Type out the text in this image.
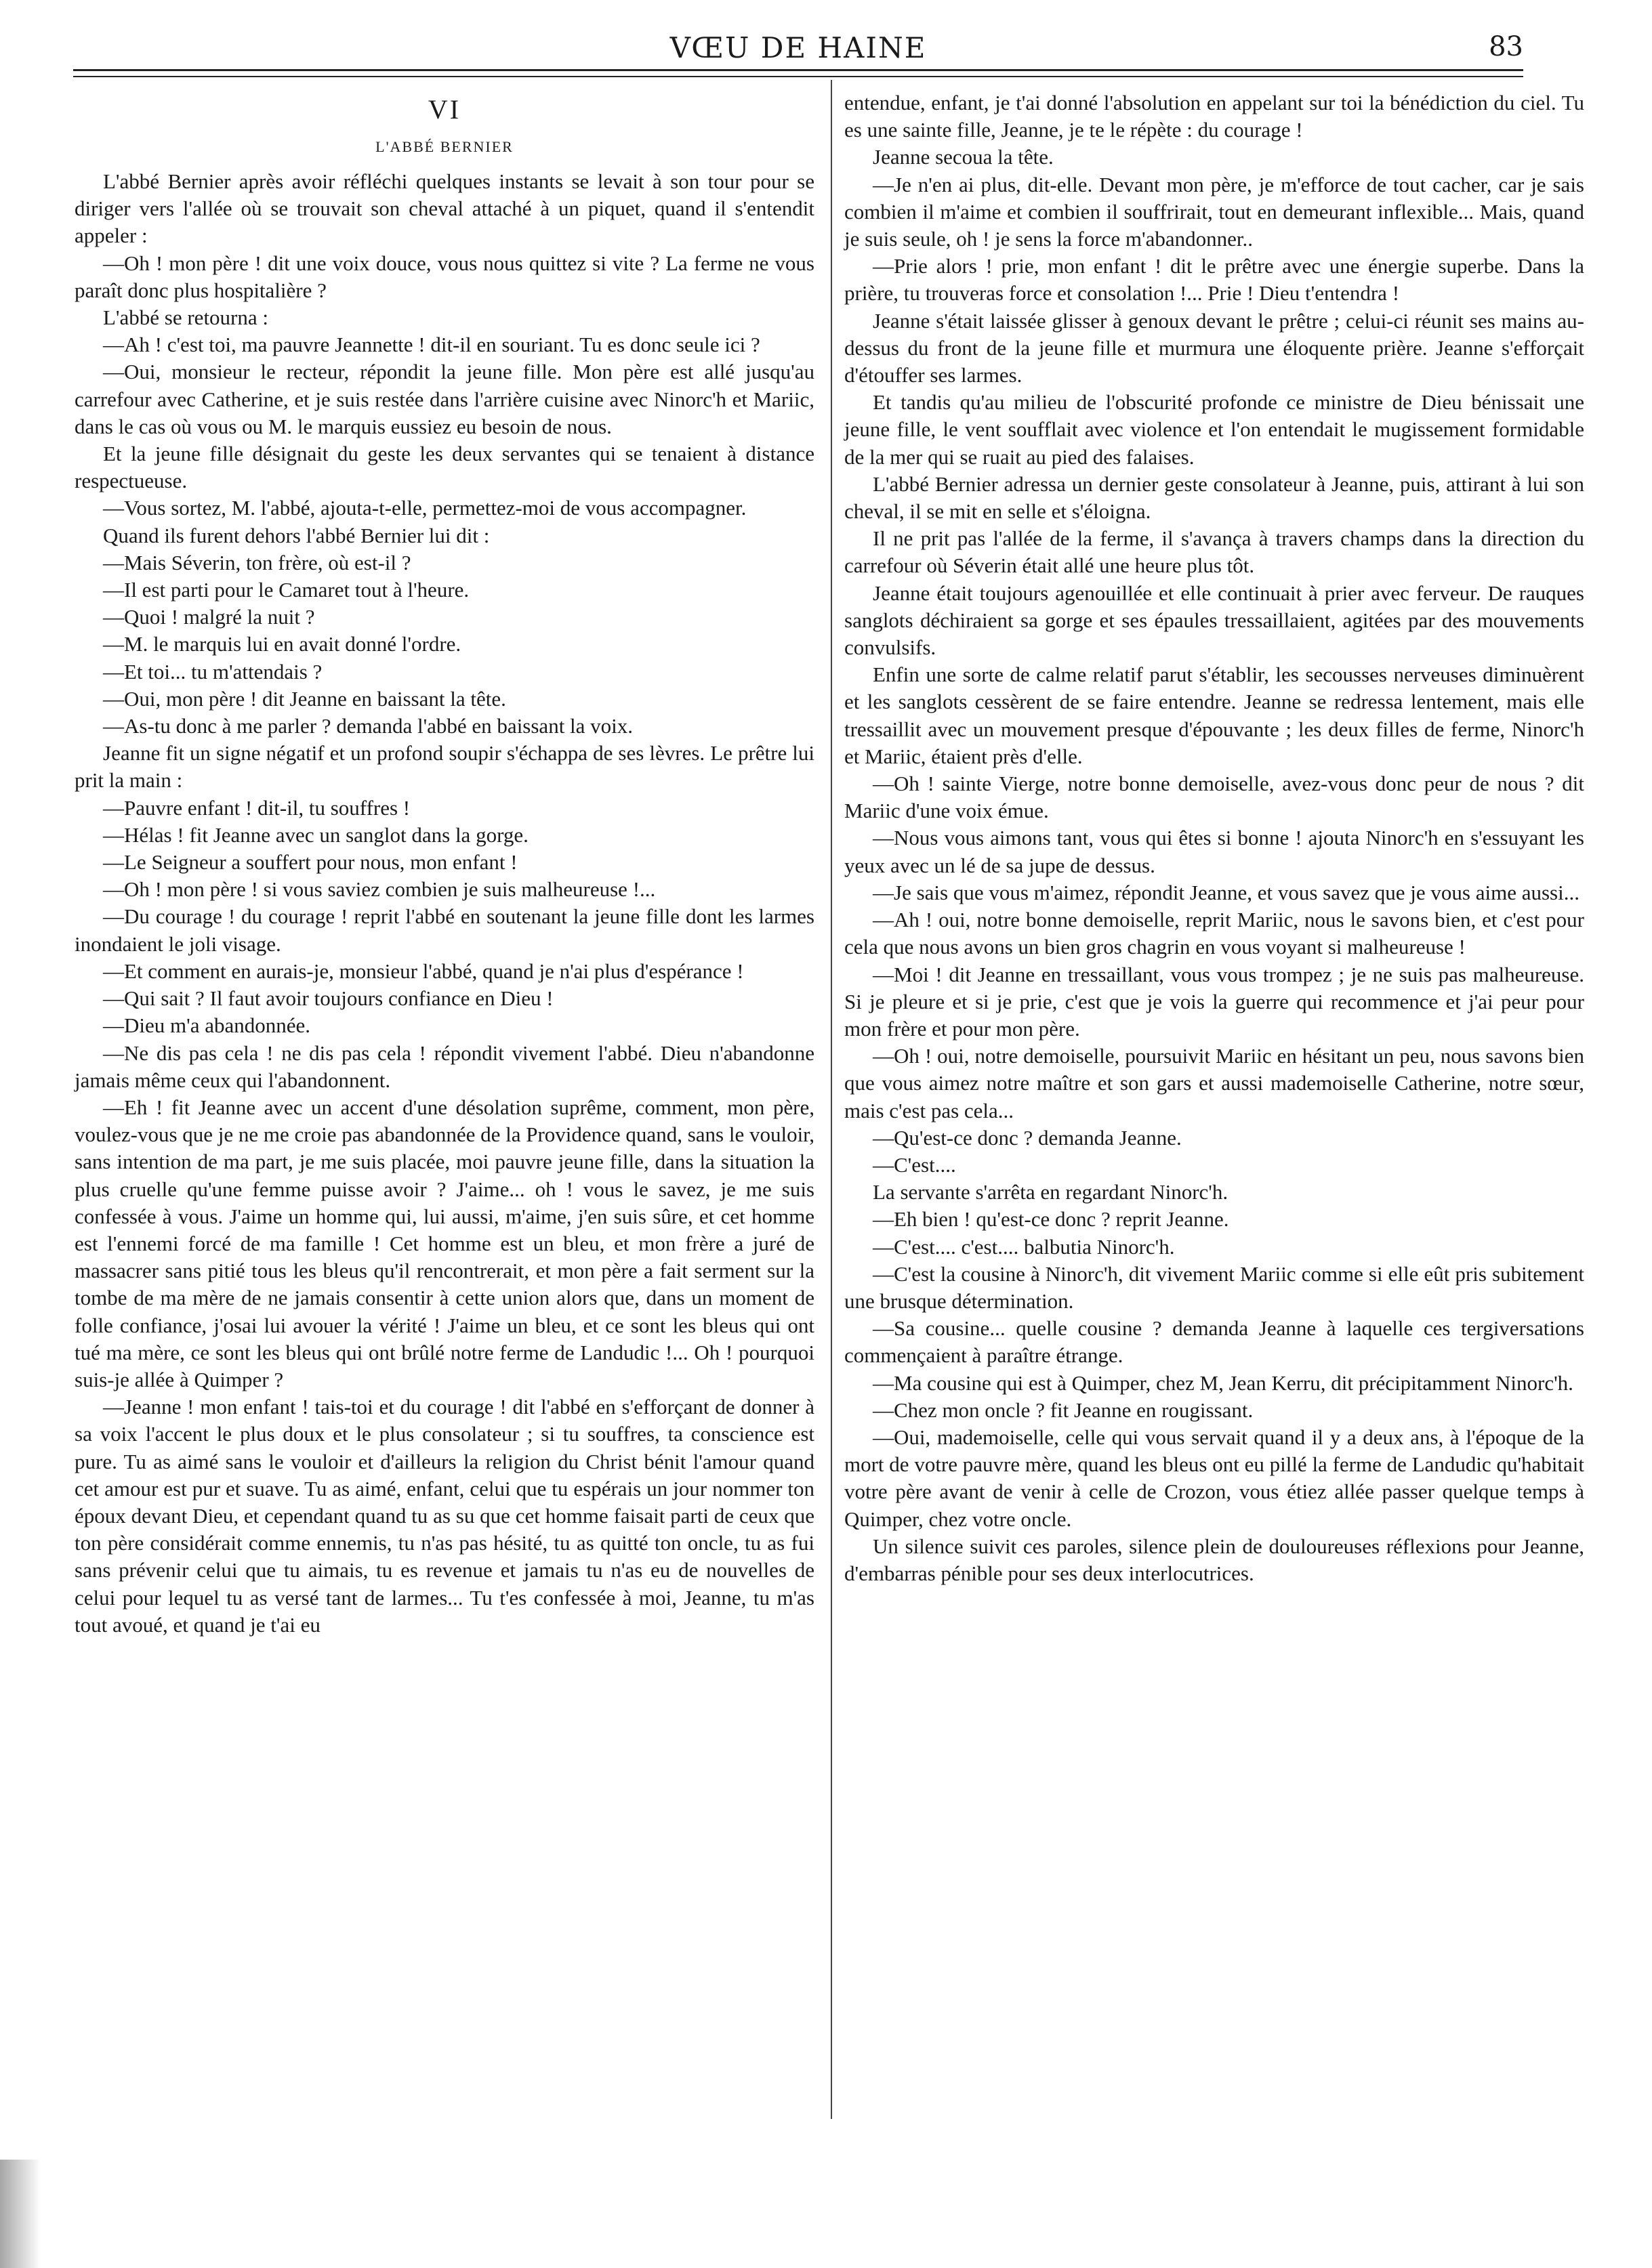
VŒU DE HAINE	83
VI
L'ABBÉ BERNIER

L'abbé Bernier après avoir réfléchi quelques instants se levait à son tour pour se diriger vers l'allée où se trouvait son cheval attaché à un piquet, quand il s'entendit appeler :

—Oh ! mon père ! dit une voix douce, vous nous quittez si vite ? La ferme ne vous paraît donc plus hospitalière ?

L'abbé se retourna :

—Ah ! c'est toi, ma pauvre Jeannette ! dit-il en souriant. Tu es donc seule ici ?

—Oui, monsieur le recteur, répondit la jeune fille. Mon père est allé jusqu'au carrefour avec Catherine, et je suis restée dans l'arrière cuisine avec Ninorc'h et Mariic, dans le cas où vous ou M. le marquis eussiez eu besoin de nous.

Et la jeune fille désignait du geste les deux servantes qui se tenaient à distance respectueuse.

—Vous sortez, M. l'abbé, ajouta-t-elle, permettez-moi de vous accompagner.

Quand ils furent dehors l'abbé Bernier lui dit :

—Mais Séverin, ton frère, où est-il ?

—Il est parti pour le Camaret tout à l'heure.

—Quoi ! malgré la nuit ?

—M. le marquis lui en avait donné l'ordre.

—Et toi... tu m'attendais ?

—Oui, mon père ! dit Jeanne en baissant la tête.

—As-tu donc à me parler ? demanda l'abbé en baissant la voix.

Jeanne fit un signe négatif et un profond soupir s'échappa de ses lèvres. Le prêtre lui prit la main :

—Pauvre enfant ! dit-il, tu souffres !

—Hélas ! fit Jeanne avec un sanglot dans la gorge.

—Le Seigneur a souffert pour nous, mon enfant !

—Oh ! mon père ! si vous saviez combien je suis malheureuse !...

—Du courage ! du courage ! reprit l'abbé en soutenant la jeune fille dont les larmes inondaient le joli visage.

—Et comment en aurais-je, monsieur l'abbé, quand je n'ai plus d'espérance !

—Qui sait ? Il faut avoir toujours confiance en Dieu !

—Dieu m'a abandonnée.

—Ne dis pas cela ! ne dis pas cela ! répondit vivement l'abbé. Dieu n'abandonne jamais même ceux qui l'abandonnent.

—Eh ! fit Jeanne avec un accent d'une désolation suprême, comment, mon père, voulez-vous que je ne me croie pas abandonnée de la Providence quand, sans le vouloir, sans intention de ma part, je me suis placée, moi pauvre jeune fille, dans la situation la plus cruelle qu'une femme puisse avoir ? J'aime... oh ! vous le savez, je me suis confessée à vous. J'aime un homme qui, lui aussi, m'aime, j'en suis sûre, et cet homme est l'ennemi forcé de ma famille ! Cet homme est un bleu, et mon frère a juré de massacrer sans pitié tous les bleus qu'il rencontrerait, et mon père a fait serment sur la tombe de ma mère de ne jamais consentir à cette union alors que, dans un moment de folle confiance, j'osai lui avouer la vérité ! J'aime un bleu, et ce sont les bleus qui ont tué ma mère, ce sont les bleus qui ont brûlé notre ferme de Landudic !... Oh ! pourquoi suis-je allée à Quimper ?

—Jeanne ! mon enfant ! tais-toi et du courage ! dit l'abbé en s'efforçant de donner à sa voix l'accent le plus doux et le plus consolateur ; si tu souffres, ta conscience est pure. Tu as aimé sans le vouloir et d'ailleurs la religion du Christ bénit l'amour quand cet amour est pur et suave. Tu as aimé, enfant, celui que tu espérais un jour nommer ton époux devant Dieu, et cependant quand tu as su que cet homme faisait parti de ceux que ton père considérait comme ennemis, tu n'as pas hésité, tu as quitté ton oncle, tu as fui sans prévenir celui que tu aimais, tu es revenue et jamais tu n'as eu de nouvelles de celui pour lequel tu as versé tant de larmes... Tu t'es confessée à moi, Jeanne, tu m'as tout avoué, et quand je t'ai eu

entendue, enfant, je t'ai donné l'absolution en appelant sur toi la bénédiction du ciel. Tu es une sainte fille, Jeanne, je te le répète : du courage !

Jeanne secoua la tête.

—Je n'en ai plus, dit-elle. Devant mon père, je m'efforce de tout cacher, car je sais combien il m'aime et combien il souffrirait, tout en demeurant inflexible... Mais, quand je suis seule, oh ! je sens la force m'abandonner..

—Prie alors ! prie, mon enfant ! dit le prêtre avec une énergie superbe. Dans la prière, tu trouveras force et consolation !... Prie ! Dieu t'entendra !

Jeanne s'était laissée glisser à genoux devant le prêtre ; celui-ci réunit ses mains au-dessus du front de la jeune fille et murmura une éloquente prière. Jeanne s'efforçait d'étouffer ses larmes.

Et tandis qu'au milieu de l'obscurité profonde ce ministre de Dieu bénissait une jeune fille, le vent soufflait avec violence et l'on entendait le mugissement formidable de la mer qui se ruait au pied des falaises.

L'abbé Bernier adressa un dernier geste consolateur à Jeanne, puis, attirant à lui son cheval, il se mit en selle et s'éloigna.

Il ne prit pas l'allée de la ferme, il s'avança à travers champs dans la direction du carrefour où Séverin était allé une heure plus tôt.

Jeanne était toujours agenouillée et elle continuait à prier avec ferveur. De rauques sanglots déchiraient sa gorge et ses épaules tressaillaient, agitées par des mouvements convulsifs.

Enfin une sorte de calme relatif parut s'établir, les secousses nerveuses diminuèrent et les sanglots cessèrent de se faire entendre. Jeanne se redressa lentement, mais elle tressaillit avec un mouvement presque d'épouvante ; les deux filles de ferme, Ninorc'h et Mariic, étaient près d'elle.

—Oh ! sainte Vierge, notre bonne demoiselle, avez-vous donc peur de nous ? dit Mariic d'une voix émue.

—Nous vous aimons tant, vous qui êtes si bonne ! ajouta Ninorc'h en s'essuyant les yeux avec un lé de sa jupe de dessus.

—Je sais que vous m'aimez, répondit Jeanne, et vous savez que je vous aime aussi...

—Ah ! oui, notre bonne demoiselle, reprit Mariic, nous le savons bien, et c'est pour cela que nous avons un bien gros chagrin en vous voyant si malheureuse !

—Moi ! dit Jeanne en tressaillant, vous vous trompez ; je ne suis pas malheureuse. Si je pleure et si je prie, c'est que je vois la guerre qui recommence et j'ai peur pour mon frère et pour mon père.

—Oh ! oui, notre demoiselle, poursuivit Mariic en hésitant un peu, nous savons bien que vous aimez notre maître et son gars et aussi mademoiselle Catherine, notre sœur, mais c'est pas cela...

—Qu'est-ce donc ? demanda Jeanne.

—C'est....

La servante s'arrêta en regardant Ninorc'h.

—Eh bien ! qu'est-ce donc ? reprit Jeanne.

—C'est.... c'est.... balbutia Ninorc'h.

—C'est la cousine à Ninorc'h, dit vivement Mariic comme si elle eût pris subitement une brusque détermination.

—Sa cousine... quelle cousine ? demanda Jeanne à laquelle ces tergiversations commençaient à paraître étrange.

—Ma cousine qui est à Quimper, chez M, Jean Kerru, dit précipitamment Ninorc'h.

—Chez mon oncle ? fit Jeanne en rougissant.

—Oui, mademoiselle, celle qui vous servait quand il y a deux ans, à l'époque de la mort de votre pauvre mère, quand les bleus ont eu pillé la ferme de Landudic qu'habitait votre père avant de venir à celle de Crozon, vous étiez allée passer quelque temps à Quimper, chez votre oncle.

Un silence suivit ces paroles, silence plein de douloureuses réflexions pour Jeanne, d'embarras pénible pour ses deux interlocutrices.
